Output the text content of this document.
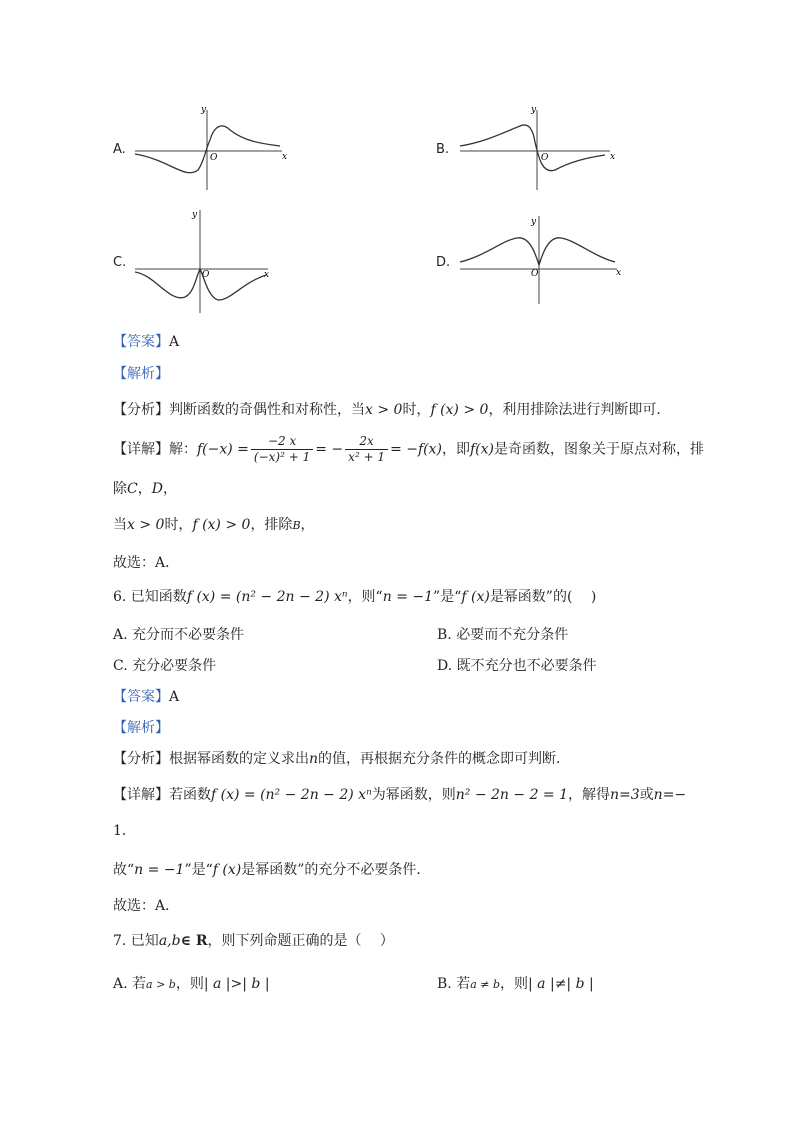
A.
y
x
O
B.
y
x
O
C.
y
x
O
D.
y
x
O
【答案】A
【解析】
【分析】判断函数的奇偶性和对称性，当x > 0时，f (x) > 0，利用排除法进行判断即可．
【详解】解：$f(-x) = \frac{-2 x}{\text{(−x)² + 1}}$ = − $\frac{2x}{\text{x² + 1}} = -f(x)$，即f(x)是奇函数，图象关于原点对称，排
除C，D，
当x > 0时，f (x) > 0，排除B，
故选：A．
6. 已知函数f (x) = (n² − 2n − 2) xⁿ，则“n = −1”是“f (x)是幂函数”的(　 )
A. 充分而不必要条件	B. 必要而不充分条件
C. 充分必要条件	D. 既不充分也不必要条件
【答案】A
【解析】
【分析】根据幂函数的定义求出n的值，再根据充分条件的概念即可判断．
【详解】若函数f (x) = (n² − 2n − 2) xⁿ为幂函数，则n² − 2n − 2 = 1，解得n=3或n=−
1．
故“n = −1”是“f (x)是幂函数”的充分不必要条件．
故选：A．
7. 已知a,b∈ R，则下列命题正确的是（　 ）
A. 若a > b，则| a |>| b |	B. 若a ≠ b，则| a |≠| b |
